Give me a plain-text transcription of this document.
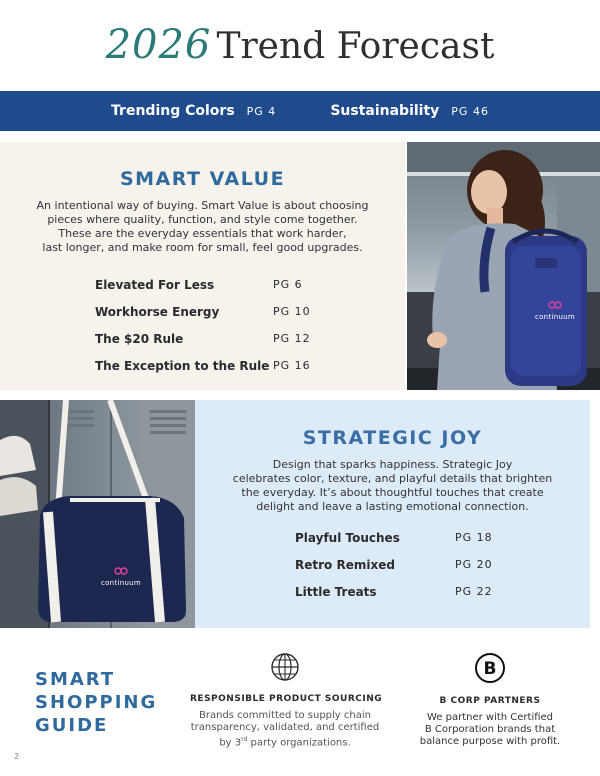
2026 Trend Forecast
Trending Colors PG 4	Sustainability PG 46
SMART VALUE
An intentional way of buying. Smart Value is about choosing
pieces where quality, function, and style come together.
These are the everyday essentials that work harder,
last longer, and make room for small, feel good upgrades.
Elevated For Less	PG 6
Workhorse Energy	PG 10
The $20 Rule	PG 12
The Exception to the Rule PG 16
continuum
continuum
STRATEGIC JOY
Design that sparks happiness. Strategic Joy
celebrates color, texture, and playful details that brighten
the everyday. It’s about thoughtful touches that create
delight and leave a lasting emotional connection.
Playful Touches	PG 18
Retro Remixed	PG 20
Little Treats	PG 22
SMART
SHOPPING
GUIDE
RESPONSIBLE PRODUCT SOURCING
Brands committed to supply chain
transparency, validated, and certified
by 3rd party organizations.
B
B CORP PARTNERS
We partner with Certified
B Corporation brands that
balance purpose with profit.
2
